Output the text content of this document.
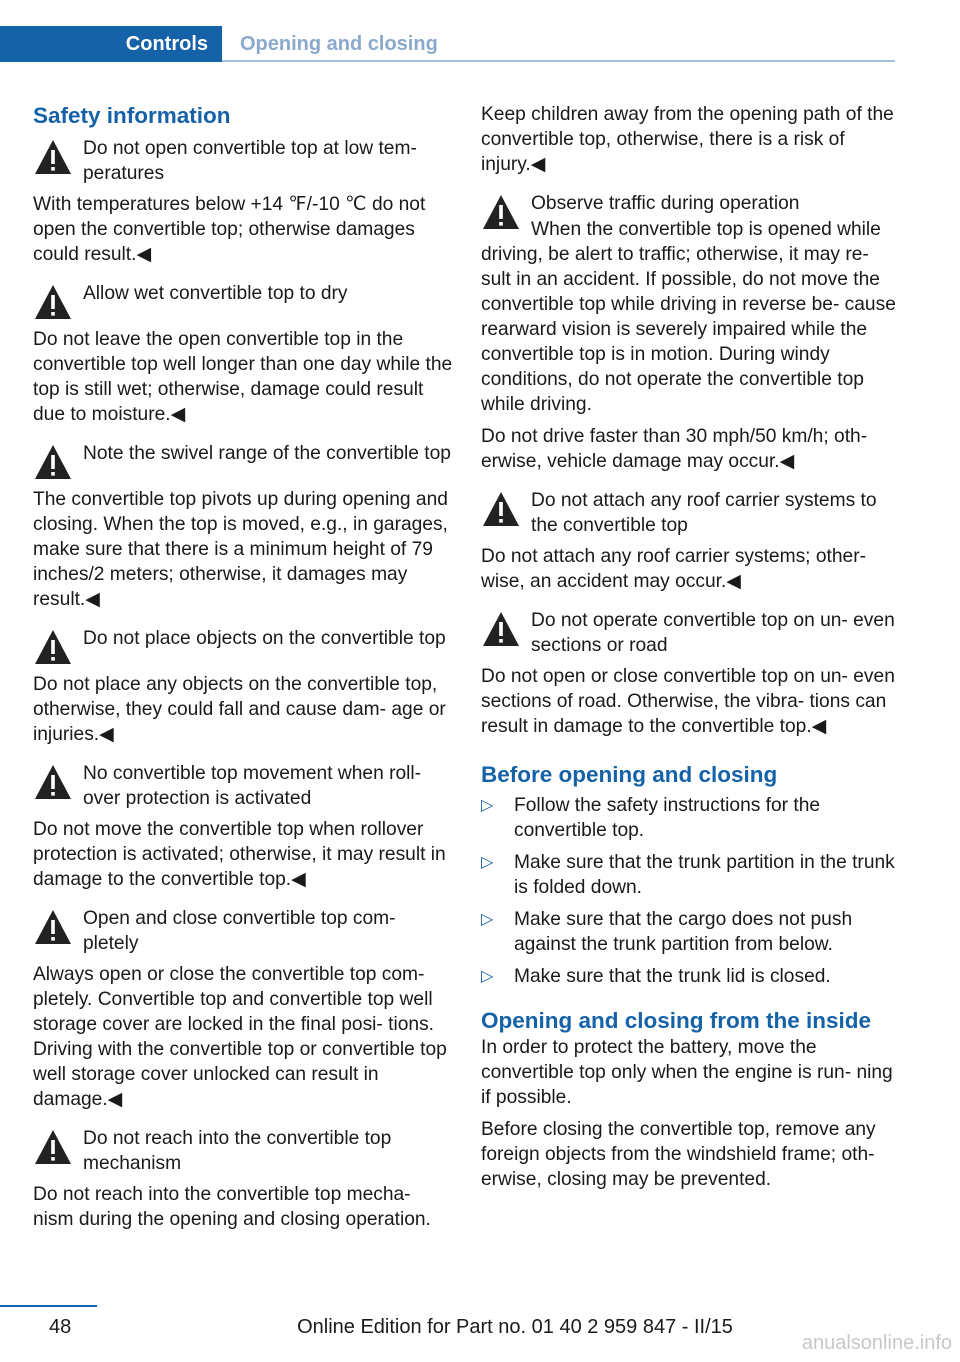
Controls Opening and closing
Safety information
Do not open convertible top at low tem‐ peratures

With temperatures below +14 ℉/-10 ℃ do not open the convertible top; otherwise damages could result.◀

Allow wet convertible top to dry

Do not leave the open convertible top in the convertible top well longer than one day while the top is still wet; otherwise, damage could result due to moisture.◀

Note the swivel range of the convertible top

The convertible top pivots up during opening and closing. When the top is moved, e.g., in garages, make sure that there is a minimum height of 79 inches/2 meters; otherwise, it damages may result.◀

Do not place objects on the convertible top

Do not place any objects on the convertible top, otherwise, they could fall and cause dam‐ age or injuries.◀

No convertible top movement when roll‐ over protection is activated

Do not move the convertible top when rollover protection is activated; otherwise, it may result in damage to the convertible top.◀

Open and close convertible top com‐ pletely

Always open or close the convertible top com‐ pletely. Convertible top and convertible top well storage cover are locked in the final posi‐ tions. Driving with the convertible top or convertible top well storage cover unlocked can result in damage.◀

Do not reach into the convertible top mechanism

Do not reach into the convertible top mecha‐ nism during the opening and closing operation.

Keep children away from the opening path of the convertible top, otherwise, there is a risk of injury.◀

Observe traffic during operation

When the convertible top is opened while driving, be alert to traffic; otherwise, it may re‐ sult in an accident. If possible, do not move the convertible top while driving in reverse be‐ cause rearward vision is severely impaired while the convertible top is in motion. During windy conditions, do not operate the convertible top while driving.

Do not drive faster than 30 mph/50 km/h; oth‐ erwise, vehicle damage may occur.◀

Do not attach any roof carrier systems to the convertible top

Do not attach any roof carrier systems; other‐ wise, an accident may occur.◀

Do not operate convertible top on un‐ even sections or road

Do not open or close convertible top on un‐ even sections of road. Otherwise, the vibra‐ tions can result in damage to the convertible top.◀

Before opening and closing
▷	Follow the safety instructions for the convertible top.
▷	Make sure that the trunk partition in the trunk is folded down.
▷	Make sure that the cargo does not push against the trunk partition from below.
▷	Make sure that the trunk lid is closed.
Opening and closing from the inside

In order to protect the battery, move the convertible top only when the engine is run‐ ning if possible.

Before closing the convertible top, remove any foreign objects from the windshield frame; oth‐ erwise, closing may be prevented.

48	Online Edition for Part no. 01 40 2 959 847 - II/15
anualsonline.info
